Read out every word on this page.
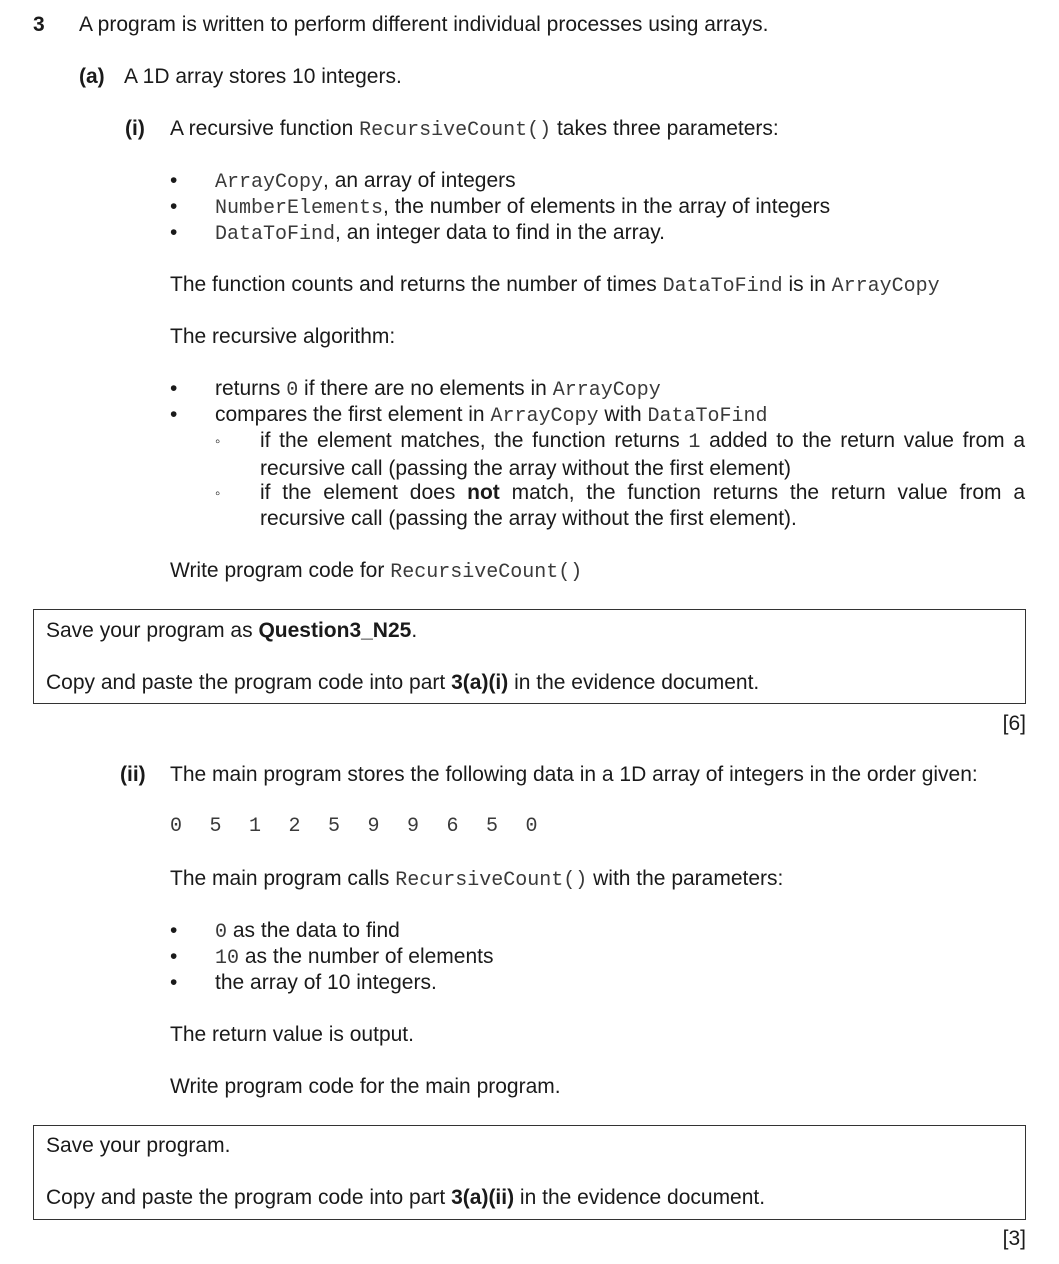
3 A program is written to perform different individual processes using arrays.
(a) A 1D array stores 10 integers.
(i) A recursive function RecursiveCount() takes three parameters:
• ArrayCopy, an array of integers
• NumberElements, the number of elements in the array of integers
• DataToFind, an integer data to find in the array.
The function counts and returns the number of times DataToFind is in ArrayCopy
The recursive algorithm:
• returns 0 if there are no elements in ArrayCopy
• compares the first element in ArrayCopy with DataToFind
◦ if the element matches, the function returns 1 added to the return value from a recursive call (passing the array without the first element)
◦ if the element does not match, the function returns the return value from a recursive call (passing the array without the first element).
Write program code for RecursiveCount()
Save your program as Question3_N25.
Copy and paste the program code into part 3(a)(i) in the evidence document.
[6]
(ii) The main program stores the following data in a 1D array of integers in the order given:
0 5 1 2 5 9 9 6 5 0
The main program calls RecursiveCount() with the parameters:
• 0 as the data to find
• 10 as the number of elements
• the array of 10 integers.
The return value is output.
Write program code for the main program.
Save your program.
Copy and paste the program code into part 3(a)(ii) in the evidence document.
[3]
